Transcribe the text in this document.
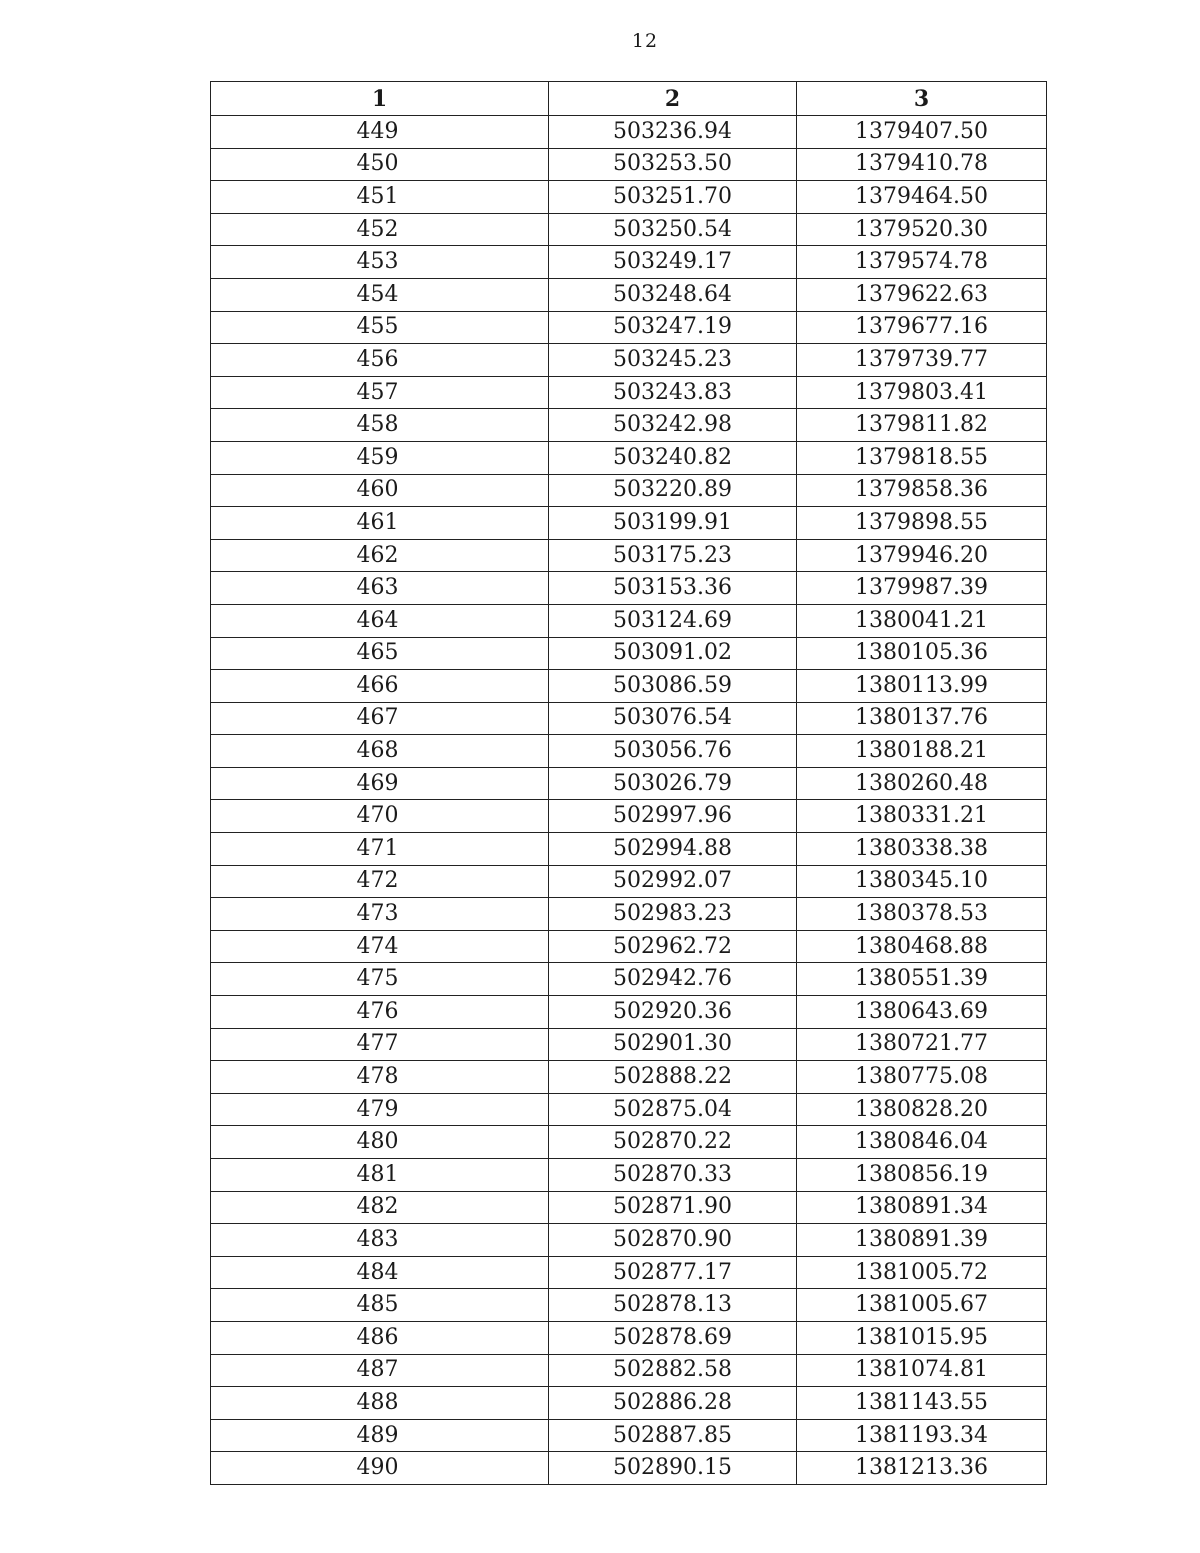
12
1	2	3
449	503236.94	1379407.50
450	503253.50	1379410.78
451	503251.70	1379464.50
452	503250.54	1379520.30
453	503249.17	1379574.78
454	503248.64	1379622.63
455	503247.19	1379677.16
456	503245.23	1379739.77
457	503243.83	1379803.41
458	503242.98	1379811.82
459	503240.82	1379818.55
460	503220.89	1379858.36
461	503199.91	1379898.55
462	503175.23	1379946.20
463	503153.36	1379987.39
464	503124.69	1380041.21
465	503091.02	1380105.36
466	503086.59	1380113.99
467	503076.54	1380137.76
468	503056.76	1380188.21
469	503026.79	1380260.48
470	502997.96	1380331.21
471	502994.88	1380338.38
472	502992.07	1380345.10
473	502983.23	1380378.53
474	502962.72	1380468.88
475	502942.76	1380551.39
476	502920.36	1380643.69
477	502901.30	1380721.77
478	502888.22	1380775.08
479	502875.04	1380828.20
480	502870.22	1380846.04
481	502870.33	1380856.19
482	502871.90	1380891.34
483	502870.90	1380891.39
484	502877.17	1381005.72
485	502878.13	1381005.67
486	502878.69	1381015.95
487	502882.58	1381074.81
488	502886.28	1381143.55
489	502887.85	1381193.34
490	502890.15	1381213.36
